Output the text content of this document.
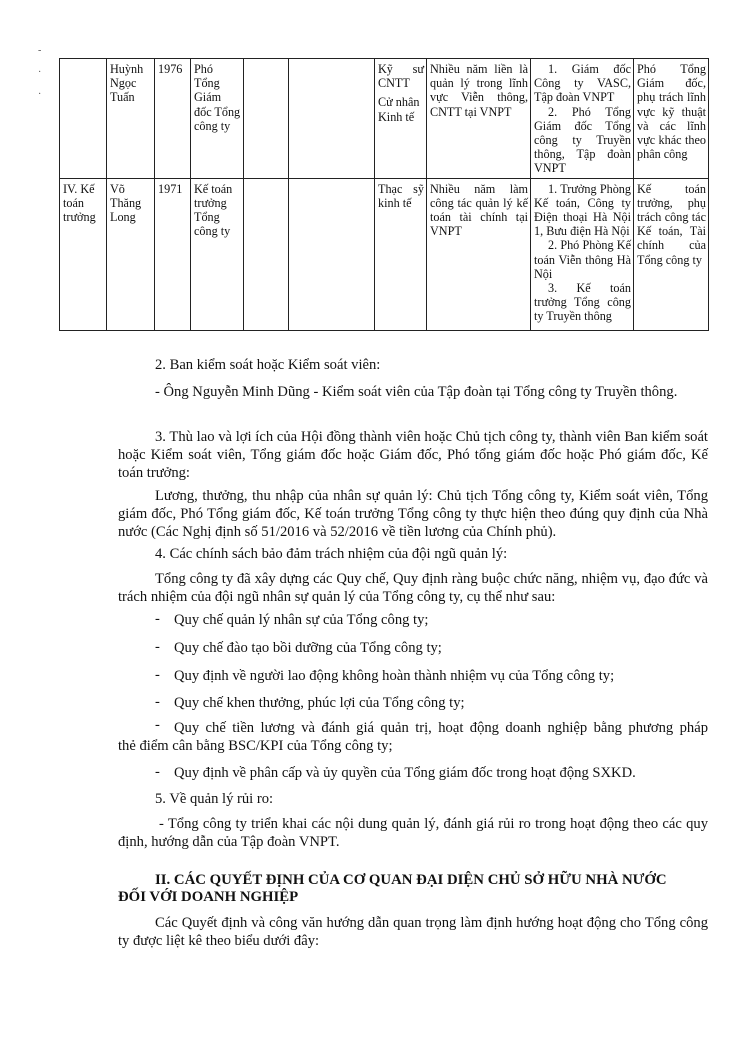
-
·
·

	Huỳnh
Ngọc
Tuấn	1976	Phó
Tổng
Giám
đốc Tổng
công ty			Kỹ sư CNTT
Cử nhân Kinh tế	Nhiều năm liền là quản lý trong lĩnh vực Viễn thông, CNTT tại VNPT	1. Giám đốc Công ty VASC, Tập đoàn VNPT
2. Phó Tổng Giám đốc Tổng công ty Truyền thông, Tập đoàn VNPT	Phó Tổng Giám đốc, phụ trách lĩnh vực kỹ thuật và các lĩnh vực khác theo phân công
IV. Kế toán trưởng	Võ
Thăng
Long	1971	Kế toán
trưởng
Tổng
công ty			Thạc sỹ kinh tế	Nhiều năm làm công tác quản lý kế toán tài chính tại VNPT	1. Trưởng Phòng Kế toán, Công ty Điện thoại Hà Nội 1, Bưu điện Hà Nội
2. Phó Phòng Kế toán Viễn thông Hà Nội
3. Kế toán trưởng Tổng công ty Truyền thông	Kế toán trưởng, phụ trách công tác Kế toán, Tài chính của Tổng công ty
2. Ban kiểm soát hoặc Kiểm soát viên:
- Ông Nguyễn Minh Dũng - Kiểm soát viên của Tập đoàn tại Tổng công ty Truyền thông.
3. Thù lao và lợi ích của Hội đồng thành viên hoặc Chủ tịch công ty, thành viên Ban kiểm soát hoặc Kiểm soát viên, Tổng giám đốc hoặc Giám đốc, Phó tổng giám đốc hoặc Phó giám đốc, Kế toán trưởng:
Lương, thưởng, thu nhập của nhân sự quản lý: Chủ tịch Tổng công ty, Kiểm soát viên, Tổng giám đốc, Phó Tổng giám đốc, Kế toán trưởng Tổng công ty thực hiện theo đúng quy định của Nhà nước (Các Nghị định số 51/2016 và 52/2016 về tiền lương của Chính phủ).
4. Các chính sách bảo đảm trách nhiệm của đội ngũ quản lý:
Tổng công ty đã xây dựng các Quy chế, Quy định ràng buộc chức năng, nhiệm vụ, đạo đức và trách nhiệm của đội ngũ nhân sự quản lý của Tổng công ty, cụ thể như sau:
- Quy chế quản lý nhân sự của Tổng công ty;
- Quy chế đào tạo bồi dưỡng của Tổng công ty;
- Quy định về người lao động không hoàn thành nhiệm vụ của Tổng công ty;
- Quy chế khen thưởng, phúc lợi của Tổng công ty;
- Quy chế tiền lương và đánh giá quản trị, hoạt động doanh nghiệp bằng phương pháp
thẻ điểm cân bằng BSC/KPI của Tổng công ty;
- Quy định về phân cấp và ủy quyền của Tổng giám đốc trong hoạt động SXKD.
5. Về quản lý rủi ro:
- Tổng công ty triển khai các nội dung quản lý, đánh giá rủi ro trong hoạt động theo các quy định, hướng dẫn của Tập đoàn VNPT.
II. CÁC QUYẾT ĐỊNH CỦA CƠ QUAN ĐẠI DIỆN CHỦ SỞ HỮU NHÀ NƯỚC
ĐỐI VỚI DOANH NGHIỆP
Các Quyết định và công văn hướng dẫn quan trọng làm định hướng hoạt động cho Tổng công ty được liệt kê theo biểu dưới đây:
